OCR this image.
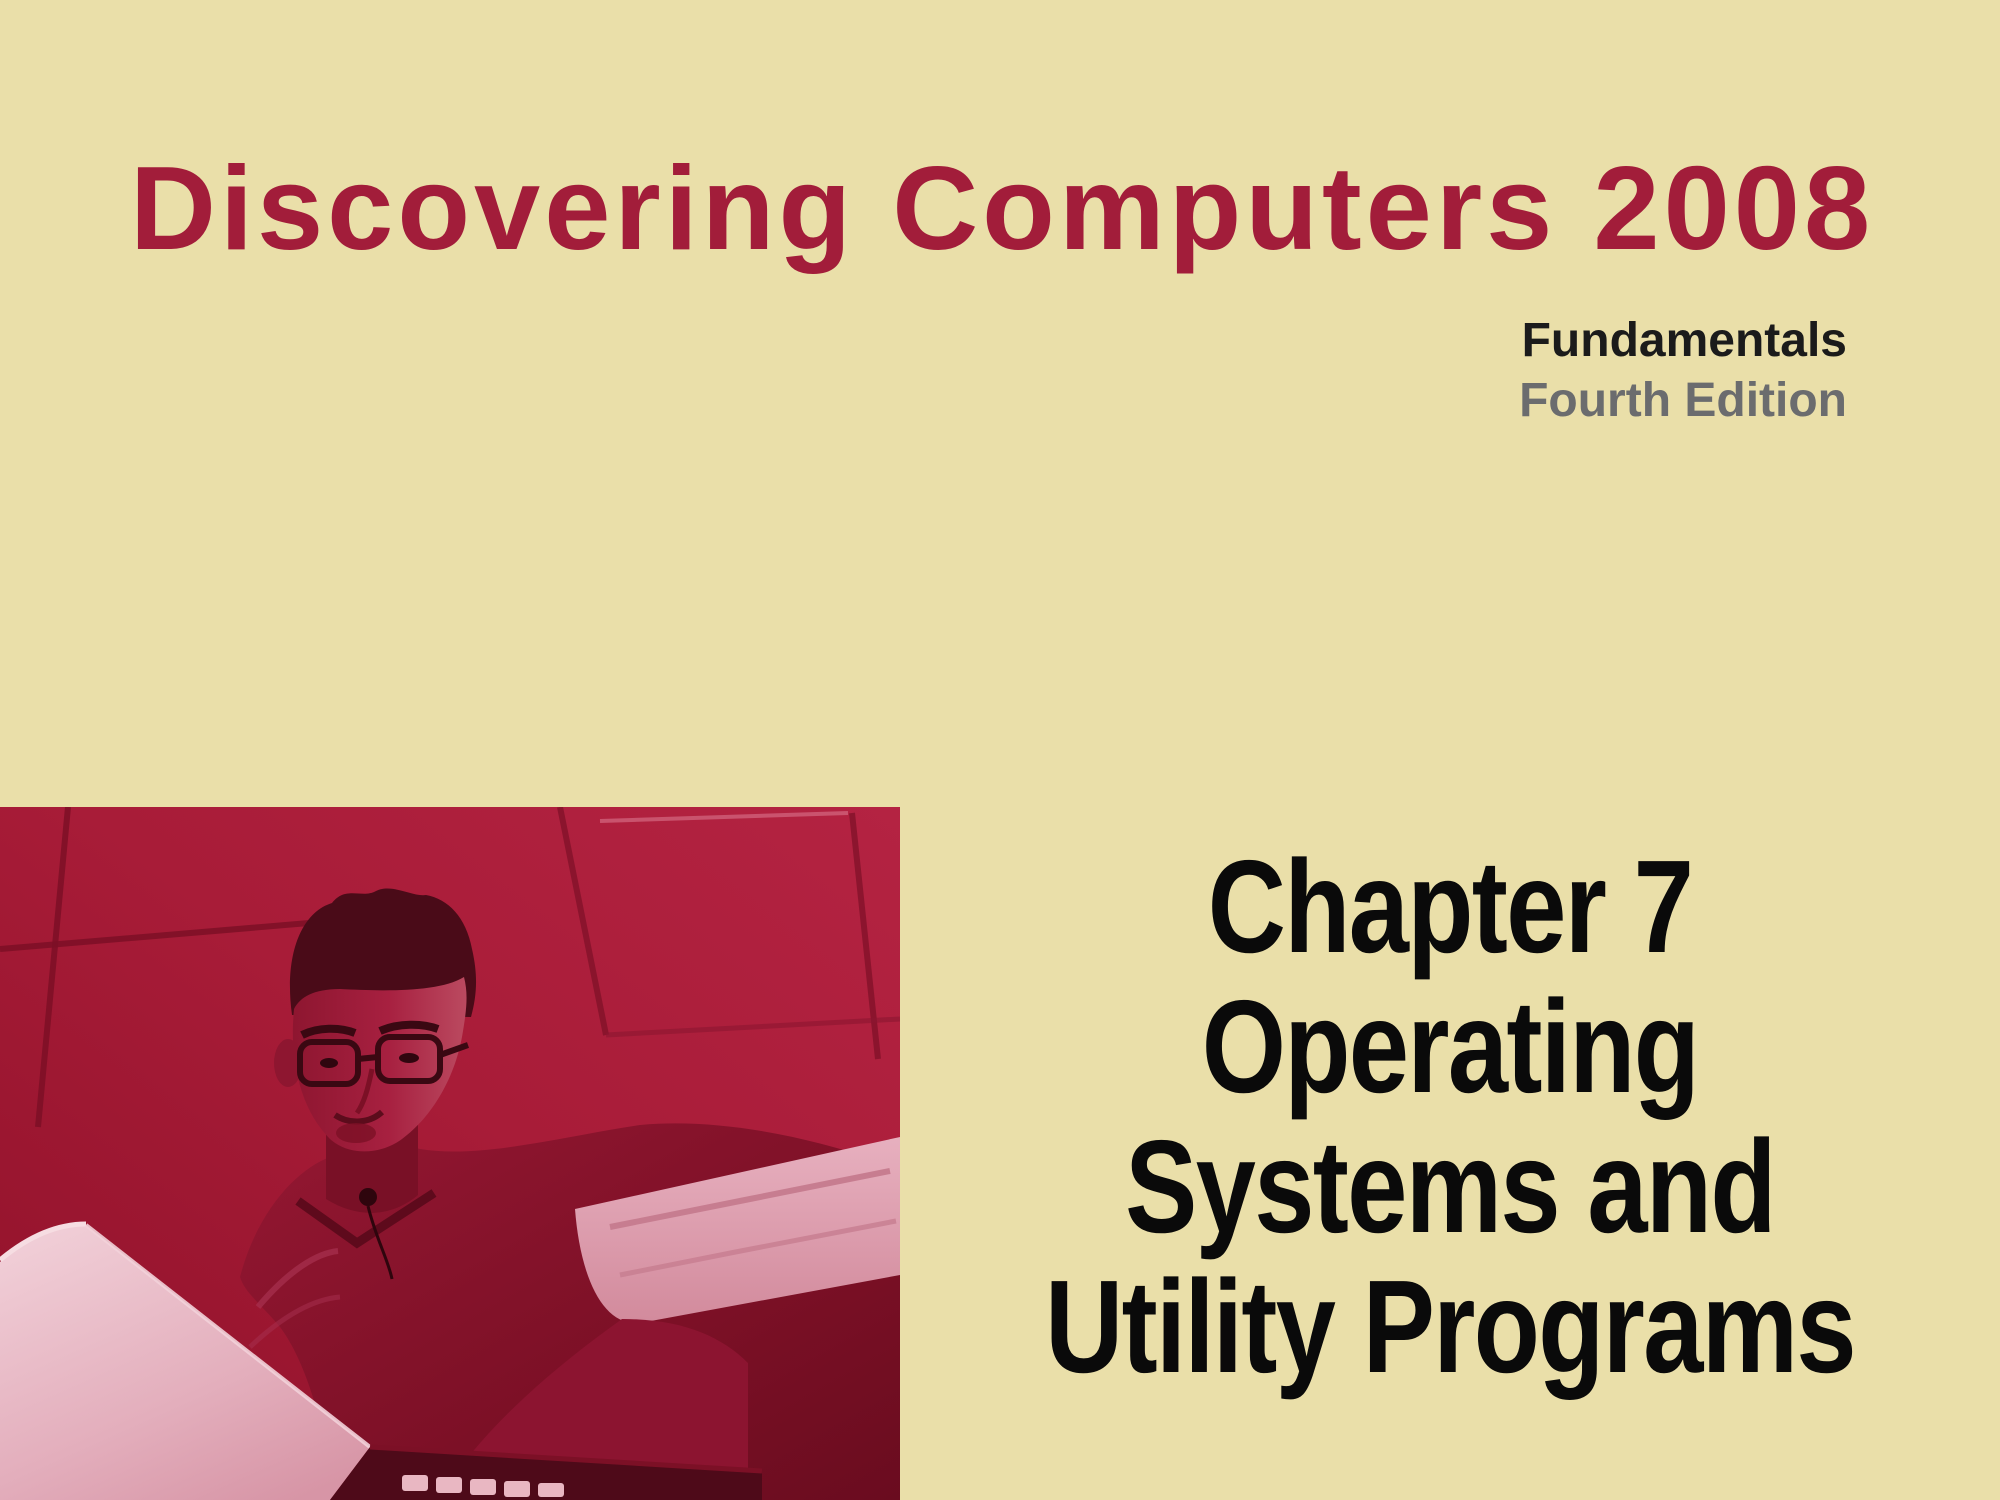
Discovering Computers 2008
Fundamentals
Fourth Edition
Chapter 7
Operating
Systems and
Utility Programs
